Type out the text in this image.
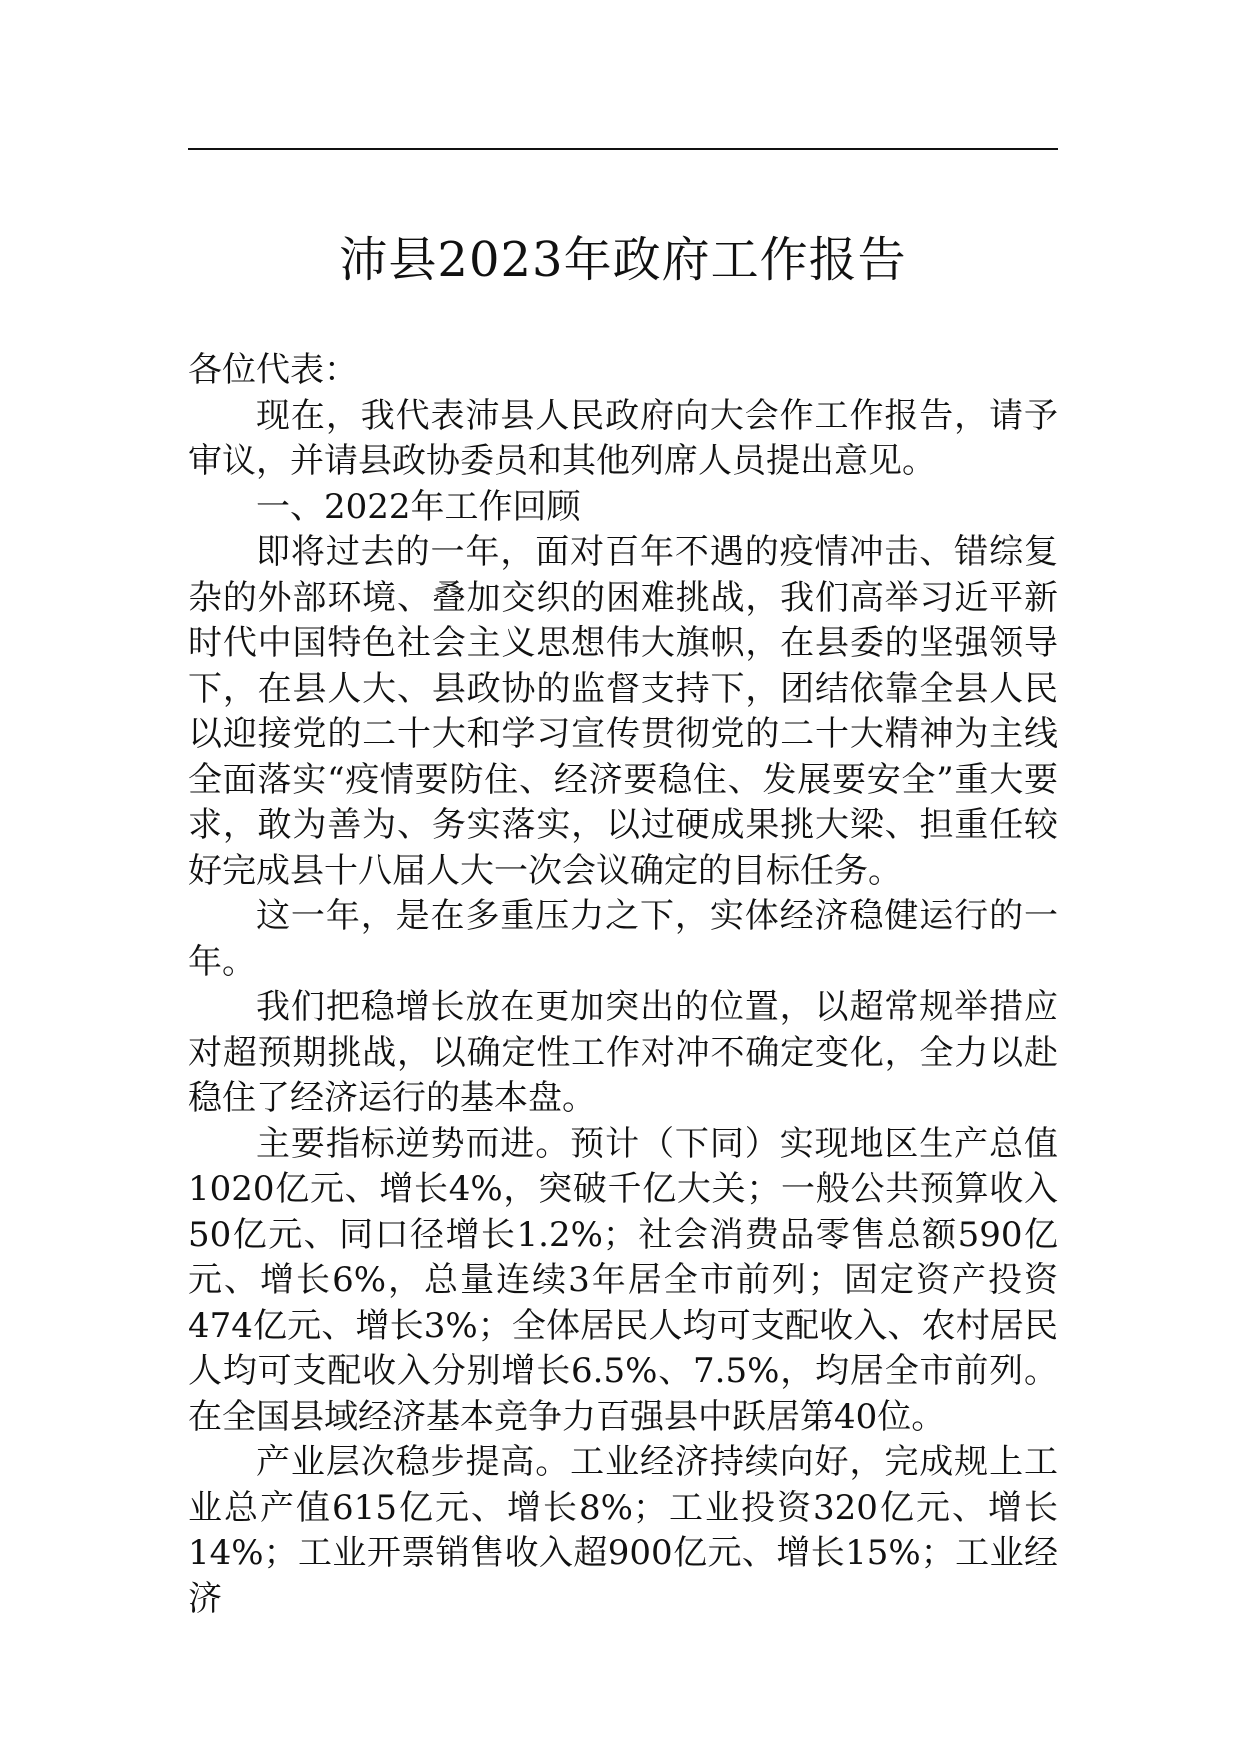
沛县2023年政府工作报告

各位代表：

现在，我代表沛县人民政府向大会作工作报告，请予审议，并请县政协委员和其他列席人员提出意见。

一、2022年工作回顾

即将过去的一年，面对百年不遇的疫情冲击、错综复杂的外部环境、叠加交织的困难挑战，我们高举习近平新时代中国特色社会主义思想伟大旗帜，在县委的坚强领导下，在县人大、县政协的监督支持下，团结依靠全县人民以迎接党的二十大和学习宣传贯彻党的二十大精神为主线全面落实“疫情要防住、经济要稳住、发展要安全”重大要求，敢为善为、务实落实，以过硬成果挑大梁、担重任较好完成县十八届人大一次会议确定的目标任务。

这一年，是在多重压力之下，实体经济稳健运行的一年。

我们把稳增长放在更加突出的位置，以超常规举措应对超预期挑战，以确定性工作对冲不确定变化，全力以赴稳住了经济运行的基本盘。

主要指标逆势而进。预计（下同）实现地区生产总值1020亿元、增长4%，突破千亿大关；一般公共预算收入50亿元、同口径增长1.2%；社会消费品零售总额590亿元、增长6%，总量连续3年居全市前列；固定资产投资474亿元、增长3%；全体居民人均可支配收入、农村居民人均可支配收入分别增长6.5%、7.5%，均居全市前列。在全国县域经济基本竞争力百强县中跃居第40位。

产业层次稳步提高。工业经济持续向好，完成规上工业总产值615亿元、增长8%；工业投资320亿元、增长14%；工业开票销售收入超900亿元、增长15%；工业经济
